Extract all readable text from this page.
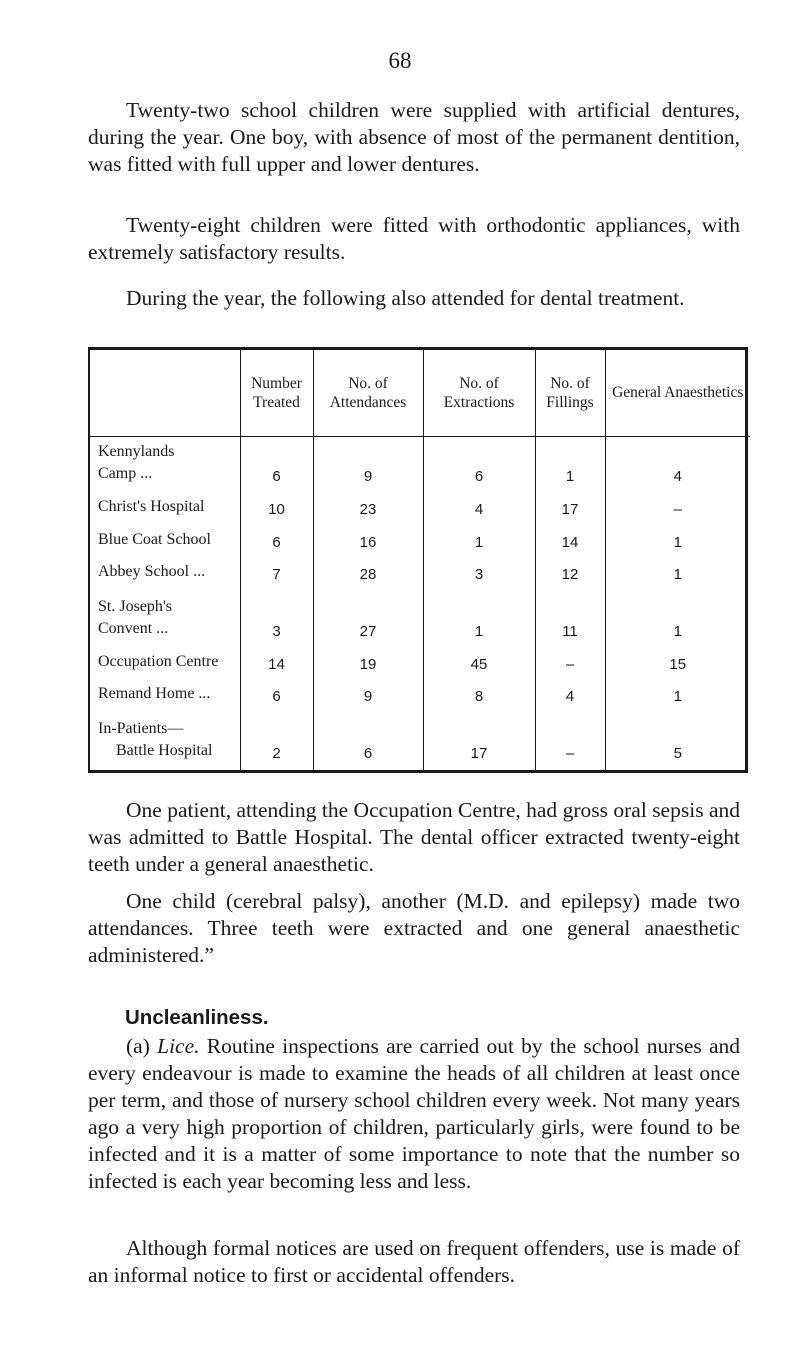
68

Twenty-two school children were supplied with artificial dentures, during the year. One boy, with absence of most of the permanent dentition, was fitted with full upper and lower dentures.

Twenty-eight children were fitted with orthodontic appliances, with extremely satisfactory results.

During the year, the following also attended for dental treatment.

	Number Treated	No. of Attendances	No. of Extractions	No. of Fillings	General Anaesthetics

Kennylands
Camp ...	6	9	6	1	4

Christ's Hospital	10	23	4	17	–

Blue Coat School	6	16	1	14	1

Abbey School ...	7	28	3	12	1

St. Joseph's
Convent ...	3	27	1	11	1

Occupation Centre	14	19	45	–	15

Remand Home ...	6	9	8	4	1

In-Patients—
Battle Hospital	2	6	17	–	5

One patient, attending the Occupation Centre, had gross oral sepsis and was admitted to Battle Hospital. The dental officer extracted twenty-eight teeth under a general anaesthetic.

One child (cerebral palsy), another (M.D. and epilepsy) made two attendances. Three teeth were extracted and one general anaesthetic administered.”

Uncleanliness.

(a) Lice. Routine inspections are carried out by the school nurses and every endeavour is made to examine the heads of all children at least once per term, and those of nursery school children every week. Not many years ago a very high proportion of children, particularly girls, were found to be infected and it is a matter of some importance to note that the number so infected is each year becoming less and less.

Although formal notices are used on frequent offenders, use is made of an informal notice to first or accidental offenders.
